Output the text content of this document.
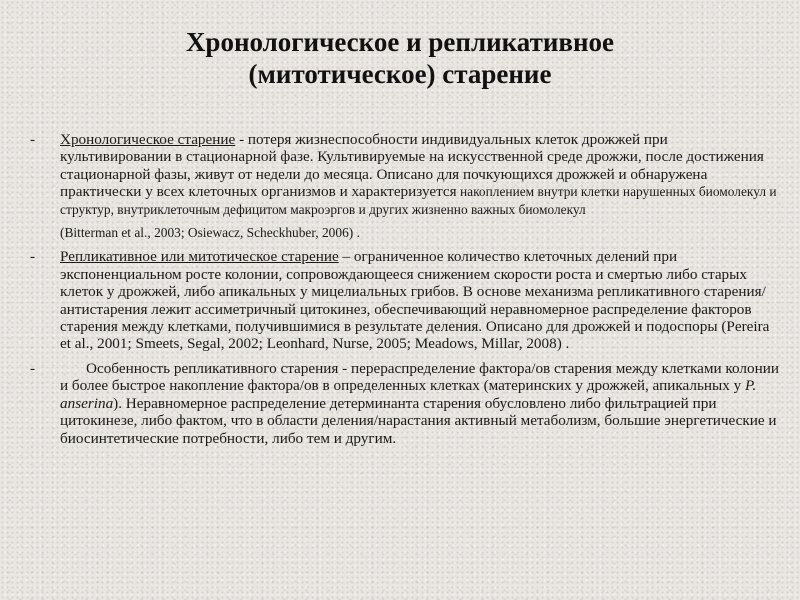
Хронологическое и репликативное
(митотическое) старение
- Хронологическое старение - потеря жизнеспособности индивидуальных клеток дрожжей при культивировании в стационарной фазе. Культивируемые на искусственной среде дрожжи, после достижения стационарной фазы, живут от недели до месяца. Описано для почкующихся дрожжей и обнаружена практически у всех клеточных организмов и характеризуется накоплением внутри клетки нарушенных биомолекул и структур, внутриклеточным дефицитом макроэргов и других жизненно важных биомолекул (Bitterman et al., 2003; Osiewacz, Scheckhuber, 2006) .
- Репликативное или митотическое старение – ограниченное количество клеточных делений при экспоненциальном росте колонии, сопровождающееся снижением скорости роста и смертью либо старых клеток у дрожжей, либо апикальных у мицелиальных грибов. В основе механизма репликативного старения/антистарения лежит ассиметричный цитокинез, обеспечивающий неравномерное распределение факторов старения между клетками, получившимися в результате деления. Описано для дрожжей и подоспоры (Pereira et al., 2001; Smeets, Segal, 2002; Leonhard, Nurse, 2005; Meadows, Millar, 2008) .
-	Особенность репликативного старения - перераспределение фактора/ов старения между клетками колонии и более быстрое накопление фактора/ов в определенных клетках (материнских у дрожжей, апикальных у P. anserina). Неравномерное распределение детерминанта старения обусловлено либо фильтрацией при цитокинезе, либо фактом, что в области деления/нарастания активный метаболизм, большие энергетические и биосинтетические потребности, либо тем и другим.
